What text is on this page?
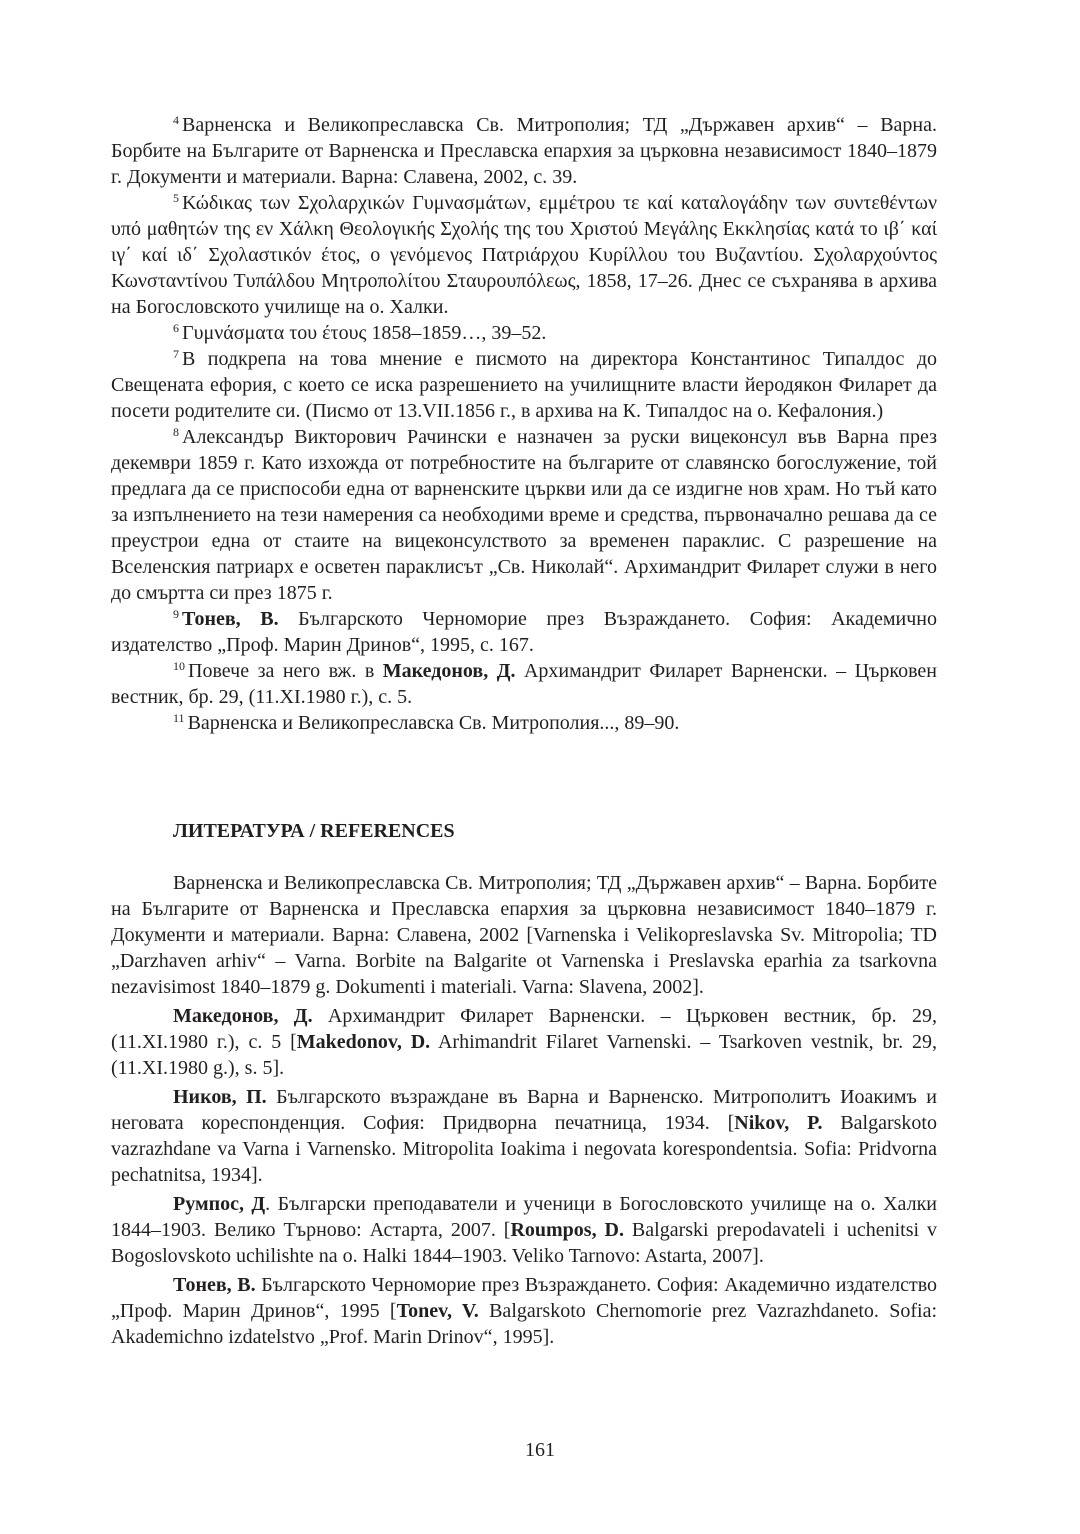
$^4$ Варненска и Великопреславска Св. Митрополия; ТД „Държавен архив“ – Варна. Борбите на Българите от Варненска и Преславска епархия за църковна независимост 1840–1879 г. Документи и материали. Варна: Славена, 2002, с. 39.

$^5$ Κώδικας των Σχολαρχικών Γυμνασμάτων, εμμέτρου τε καί καταλογάδην των συντεθέντων υπό μαθητών της εν Χάλκη Θεολογικής Σχολής της του Χριστού Μεγάλης Εκκλησίας κατά το ιβ΄ καί ιγ΄ καί ιδ΄ Σχολαστικόν έτος, ο γενόμενος Πατριάρχου Κυρίλλου του Βυζαντίου. Σχολαρχούντος Κωνσταντίνου Τυπάλδου Μητροπολίτου Σταυρουπόλεως, 1858, 17–26. Днес се съхранява в архива на Богословското училище на о. Халки.

$^6$ Γυμνάσματα του έτους 1858–1859…, 39–52.

$^7$ В подкрепа на това мнение е писмото на директора Константинос Типалдос до Свещената ефория, с което се иска разрешението на училищните власти йеродякон Филарет да посети родителите си. (Писмо от 13.VII.1856 г., в архива на К. Типалдос на о. Кефалония.)

$^8$ Александър Викторович Рачински е назначен за руски вицеконсул във Варна през декември 1859 г. Като изхожда от потребностите на българите от славянско богослужение, той предлага да се приспособи една от варненските църкви или да се издигне нов храм. Но тъй като за изпълнението на тези намерения са необходими време и средства, първоначално решава да се преустрои една от стаите на вицеконсулството за временен параклис. С разрешение на Вселенския патриарх е осветен параклисът „Св. Николай“. Архимандрит Филарет служи в него до смъртта си през 1875 г.

$^9$ Тонев, В. Българското Черноморие през Възраждането. София: Академично издателство „Проф. Марин Дринов“, 1995, с. 167.

$^{10}$ Повече за него вж. в Македонов, Д. Архимандрит Филарет Варненски. – Църковен вестник, бр. 29, (11.XI.1980 г.), с. 5.

$^{11}$ Варненска и Великопреславска Св. Митрополия..., 89–90.

ЛИТЕРАТУРА / REFERENCES

Варненска и Великопреславска Св. Митрополия; ТД „Държавен архив“ – Варна. Борбите на Българите от Варненска и Преславска епархия за църковна независимост 1840–1879 г. Документи и материали. Варна: Славена, 2002 [Varnenska i Velikopreslavska Sv. Mitropolia; TD „Darzhaven arhiv“ – Varna. Borbite na Balgarite ot Varnenska i Preslavska eparhia za tsarkovna nezavisimost 1840–1879 g. Dokumenti i materiali. Varna: Slavena, 2002].

Македонов, Д. Архимандрит Филарет Варненски. – Църковен вестник, бр. 29, (11.XI.1980 г.), с. 5 [Makedonov, D. Arhimandrit Filaret Varnenski. – Tsarkoven vestnik, br. 29, (11.XI.1980 g.), s. 5].

Ников, П. Българското възраждане въ Варна и Варненско. Митрополитъ Иоакимъ и неговата кореспонденция. София: Придворна печатница, 1934. [Nikov, P. Balgarskoto vazrazhdane va Varna i Varnensko. Mitropolita Ioakima i negovata korespondentsia. Sofia: Pridvorna pechatnitsa, 1934].

Румпос, Д. Български преподаватели и ученици в Богословското училище на о. Халки 1844–1903. Велико Търново: Астарта, 2007. [Roumpos, D. Balgarski prepodavateli i uchenitsi v Bogoslovskoto uchilishte na o. Halki 1844–1903. Veliko Tarnovo: Astarta, 2007].

Тонев, В. Българското Черноморие през Възраждането. София: Академично издателство „Проф. Марин Дринов“, 1995 [Tonev, V. Balgarskoto Chernomorie prez Vazrazhdaneto. Sofia: Akademichno izdatelstvo „Prof. Marin Drinov“, 1995].

161
